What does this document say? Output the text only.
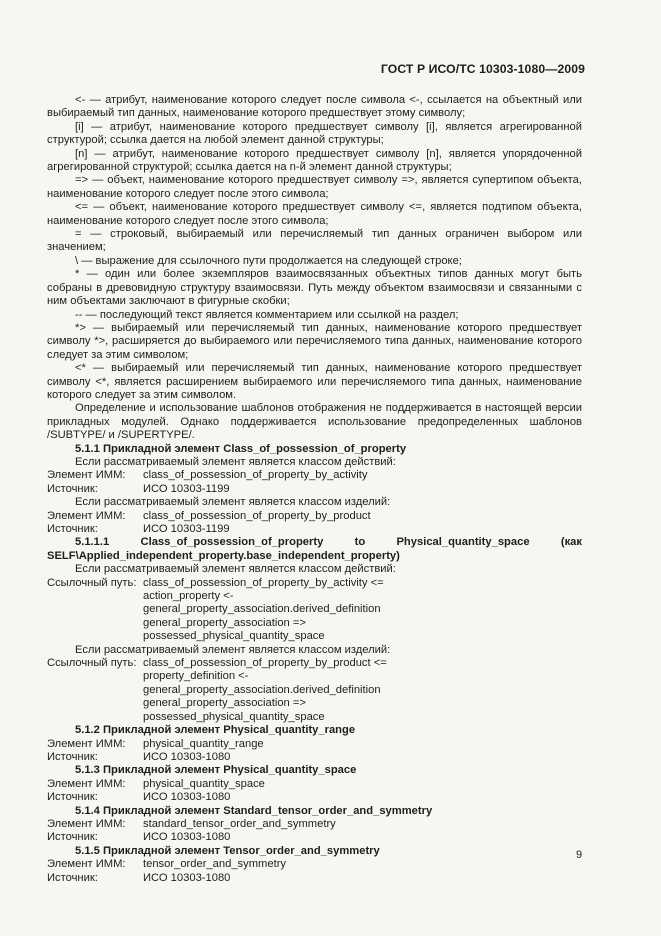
ГОСТ Р ИСО/ТС 10303-1080—2009

<- — атрибут, наименование которого следует после символа <-, ссылается на объектный или выбираемый тип данных, наименование которого предшествует этому символу;

[i] — атрибут, наименование которого предшествует символу [i], является агрегированной структурой; ссылка дается на любой элемент данной структуры;

[n] — атрибут, наименование которого предшествует символу [n], является упорядоченной агрегированной структурой; ссылка дается на n-й элемент данной структуры;

=> — объект, наименование которого предшествует символу =>, является супертипом объекта, наименование которого следует после этого символа;

<= — объект, наименование которого предшествует символу <=, является подтипом объекта, наименование которого следует после этого символа;

= — строковый, выбираемый или перечисляемый тип данных ограничен выбором или значением;

\ — выражение для ссылочного пути продолжается на следующей строке;

* — один или более экземпляров взаимосвязанных объектных типов данных могут быть собраны в древовидную структуру взаимосвязи. Путь между объектом взаимосвязи и связанными с ним объектами заключают в фигурные скобки;

-- — последующий текст является комментарием или ссылкой на раздел;

*> — выбираемый или перечисляемый тип данных, наименование которого предшествует символу *>, расширяется до выбираемого или перечисляемого типа данных, наименование которого следует за этим символом;

<* — выбираемый или перечисляемый тип данных, наименование которого предшествует символу <*, является расширением выбираемого или перечисляемого типа данных, наименование которого следует за этим символом.

Определение и использование шаблонов отображения не поддерживается в настоящей версии прикладных модулей. Однако поддерживается использование предопределенных шаблонов /SUBTYPE/ и /SUPERTYPE/.

5.1.1 Прикладной элемент Class_of_possession_of_property

Если рассматриваемый элемент является классом действий:

Элемент ИММ:	class_of_possession_of_property_by_activity
Источник:	ИСО 10303-1199

Если рассматриваемый элемент является классом изделий:

Элемент ИММ:	class_of_possession_of_property_by_product
Источник:	ИСО 10303-1199

5.1.1.1 Class_of_possession_of_property to Physical_quantity_space (как SELF\Applied_independent_property.base_independent_property)

Если рассматриваемый элемент является классом действий:

Ссылочный путь: class_of_possession_of_property_by_activity <=
action_property <-
general_property_association.derived_definition
general_property_association =>
possessed_physical_quantity_space

Если рассматриваемый элемент является классом изделий:

Ссылочный путь: class_of_possession_of_property_by_product <=
property_definition <-
general_property_association.derived_definition
general_property_association =>
possessed_physical_quantity_space

5.1.2 Прикладной элемент Physical_quantity_range

Элемент ИММ:	physical_quantity_range
Источник:	ИСО 10303-1080

5.1.3 Прикладной элемент Physical_quantity_space

Элемент ИММ:	physical_quantity_space
Источник:	ИСО 10303-1080

5.1.4 Прикладной элемент Standard_tensor_order_and_symmetry

Элемент ИММ:	standard_tensor_order_and_symmetry
Источник:	ИСО 10303-1080

5.1.5 Прикладной элемент Tensor_order_and_symmetry

Элемент ИММ:	tensor_order_and_symmetry
Источник:	ИСО 10303-1080
9
